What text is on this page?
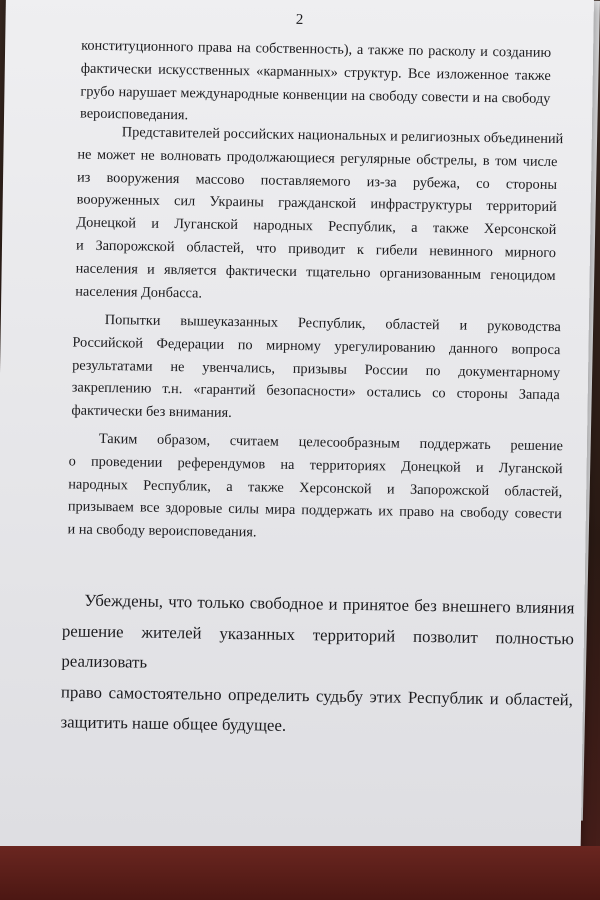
2

конституционного права на собственность), а также по расколу и созданию
фактически искусственных «карманных» структур. Все изложенное также
грубо нарушает международные конвенции на свободу совести и на свободу
вероисповедания.

Представителей российских национальных и религиозных объединений
не может не волновать продолжающиеся регулярные обстрелы, в том числе
из вооружения массово поставляемого из-за рубежа, со стороны
вооруженных сил Украины гражданской инфраструктуры территорий
Донецкой и Луганской народных Республик, а также Херсонской
и Запорожской областей, что приводит к гибели невинного мирного
населения и является фактически тщательно организованным геноцидом
населения Донбасса.

Попытки вышеуказанных Республик, областей и руководства
Российской Федерации по мирному урегулированию данного вопроса
результатами не увенчались, призывы России по документарному
закреплению т.н. «гарантий безопасности» остались со стороны Запада
фактически без внимания.

Таким образом, считаем целесообразным поддержать решение
о проведении референдумов на территориях Донецкой и Луганской
народных Республик, а также Херсонской и Запорожской областей,
призываем все здоровые силы мира поддержать их право на свободу совести
и на свободу вероисповедания.

Убеждены, что только свободное и принятое без внешнего влияния
решение жителей указанных территорий позволит полностью реализовать
право самостоятельно определить судьбу этих Республик и областей,
защитить наше общее будущее.
